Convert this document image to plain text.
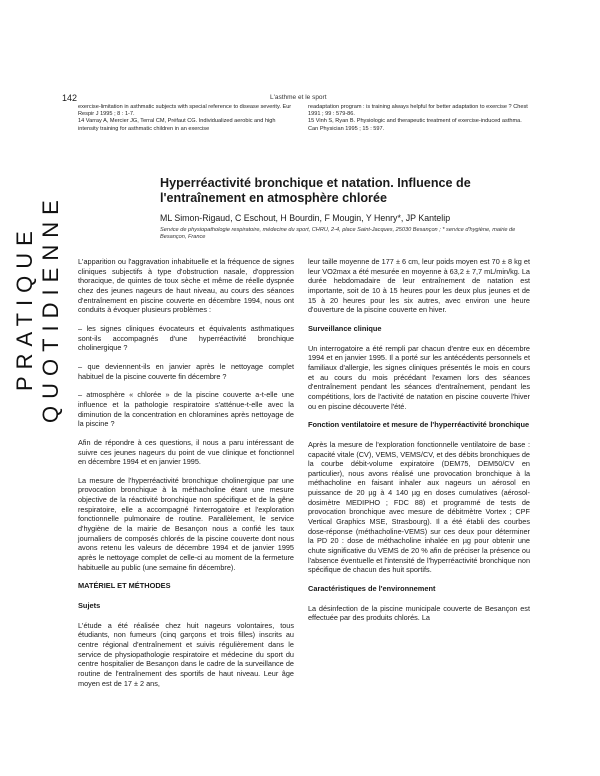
142	L'asthme et le sport
PRATIQUE QUOTIDIENNE

exercise-limitation in asthmatic subjects with special reference to disease severity. Eur Respir J 1995 ; 8 : 1-7.

14 Varray A, Mercier JG, Terral CM, Préfaut CG. Individualized aerobic and high intensity training for asthmatic children in an exercise

readaptation program : is training always helpful for better adaptation to exercise ? Chest 1991 ; 99 : 579-86.

15 Vinh S, Ryan B. Physiologic and therapeutic treatment of exercise-induced asthma. Can Physician 1995 ; 15 : 597.

Hyperréactivité bronchique et natation. Influence de l'entraînement en atmosphère chlorée
ML Simon-Rigaud, C Eschout, H Bourdin, F Mougin, Y Henry*, JP Kantelip
Service de physiopathologie respiratoire, médecine du sport, CHRU, 2-4, place Saint-Jacques, 25030 Besançon ; * service d'hygiène, mairie de Besançon, France

L'apparition ou l'aggravation inhabituelle et la fréquence de signes cliniques subjectifs à type d'obstruction nasale, d'oppression thoracique, de quintes de toux sèche et même de réelle dyspnée chez des jeunes nageurs de haut niveau, au cours des séances d'entraînement en piscine couverte en décembre 1994, nous ont conduits à évoquer plusieurs problèmes :

– les signes cliniques évocateurs et équivalents asthmatiques sont-ils accompagnés d'une hyperréactivité bronchique cholinergique ?

– que deviennent-ils en janvier après le nettoyage complet habituel de la piscine couverte fin décembre ?

– atmosphère « chlorée » de la piscine couverte a-t-elle une influence et la pathologie respiratoire s'atténue-t-elle avec la diminution de la concentration en chloramines après nettoyage de la piscine ?

Afin de répondre à ces questions, il nous a paru intéressant de suivre ces jeunes nageurs du point de vue clinique et fonctionnel en décembre 1994 et en janvier 1995.

La mesure de l'hyperréactivité bronchique cholinergique par une provocation bronchique à la méthacholine étant une mesure objective de la réactivité bronchique non spécifique et de la gêne respiratoire, elle a accompagné l'interrogatoire et l'exploration fonctionnelle pulmonaire de routine. Parallèlement, le service d'hygiène de la mairie de Besançon nous a confié les taux journaliers de composés chlorés de la piscine couverte dont nous avons retenu les valeurs de décembre 1994 et de janvier 1995 après le nettoyage complet de celle-ci au moment de la fermeture habituelle au public (une semaine fin décembre).

MATÉRIEL ET MÉTHODES
Sujets

L'étude a été réalisée chez huit nageurs volontaires, tous étudiants, non fumeurs (cinq garçons et trois filles) inscrits au centre régional d'entraînement et suivis régulièrement dans le service de physiopathologie respiratoire et médecine du sport du centre hospitalier de Besançon dans le cadre de la surveillance de routine de l'entraînement des sportifs de haut niveau. Leur âge moyen est de 17 ± 2 ans,

leur taille moyenne de 177 ± 6 cm, leur poids moyen est 70 ± 8 kg et leur VO2max a été mesurée en moyenne à 63,2 ± 7,7 mL/min/kg. La durée hebdomadaire de leur entraînement de natation est importante, soit de 10 à 15 heures pour les deux plus jeunes et de 15 à 20 heures pour les six autres, avec environ une heure d'ouverture de la piscine couverte en hiver.

Surveillance clinique

Un interrogatoire a été rempli par chacun d'entre eux en décembre 1994 et en janvier 1995. Il a porté sur les antécédents personnels et familiaux d'allergie, les signes cliniques présentés le mois en cours et au cours du mois précédant l'examen lors des séances d'entraînement pendant les séances d'entraînement, pendant les compétitions, lors de l'activité de natation en piscine couverte l'hiver ou en piscine découverte l'été.

Fonction ventilatoire et mesure de l'hyperréactivité bronchique

Après la mesure de l'exploration fonctionnelle ventilatoire de base : capacité vitale (CV), VEMS, VEMS/CV, et des débits bronchiques de la courbe débit-volume expiratoire (DEM75, DEM50/CV en particulier), nous avons réalisé une provocation bronchique à la méthacholine en faisant inhaler aux nageurs un aérosol en puissance de 20 µg à 4 140 µg en doses cumulatives (aérosol-dosimètre MEDIPHO ; FDC 88) et programmé de tests de provocation bronchique avec mesure de débitmètre Vortex ; CPF Vertical Graphics MSE, Strasbourg). Il a été établi des courbes dose-réponse (méthacholine-VEMS) sur ces deux pour déterminer la PD 20 : dose de méthacholine inhalée en µg pour obtenir une chute significative du VEMS de 20 % afin de préciser la présence ou l'absence éventuelle et l'intensité de l'hyperréactivité bronchique non spécifique de chacun des huit sportifs.

Caractéristiques de l'environnement

La désinfection de la piscine municipale couverte de Besançon est effectuée par des produits chlorés. La
